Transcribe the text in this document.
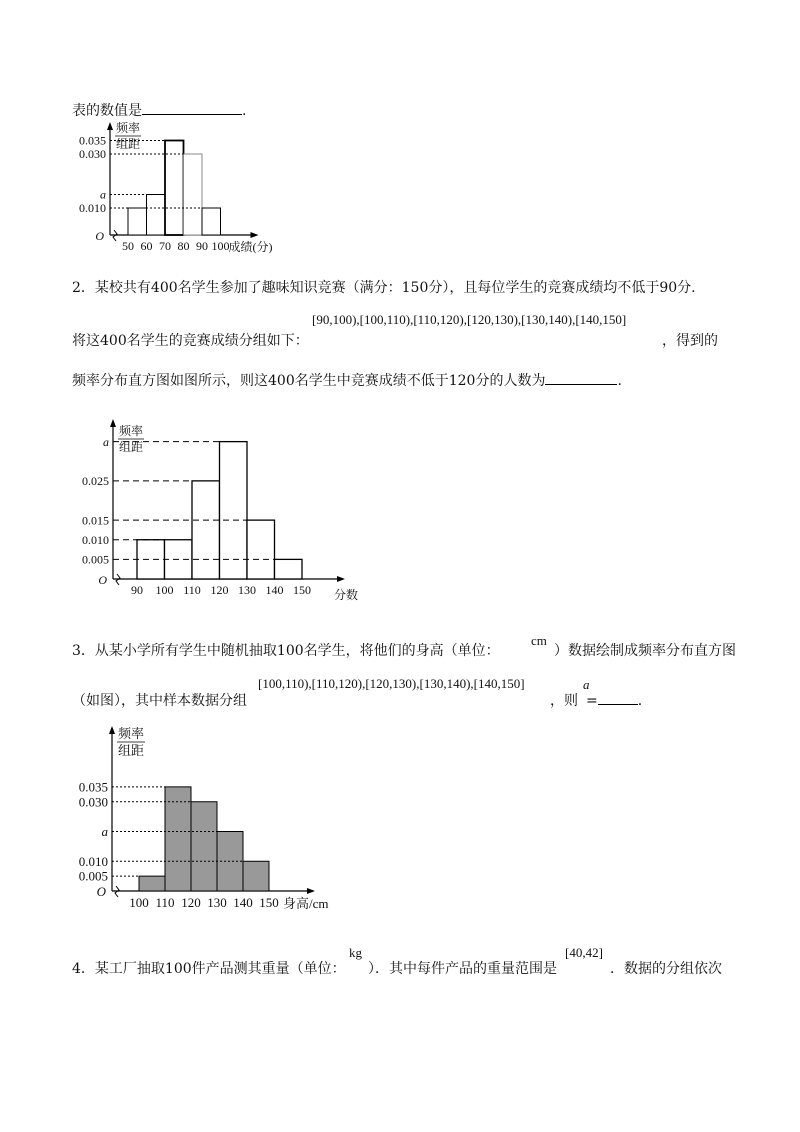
表的数值是	.
频率
组距
0.035
0.030
a
0.010
50 60 70 80 90 100
O
成绩(分)
2．某校共有400名学生参加了趣味知识竞赛（满分：150分），且每位学生的竞赛成绩均不低于90分.
[90,100),[100,110),[110,120),[120,130),[130,140),[140,150]
将这400名学生的竞赛成绩分组如下：	，得到的
频率分布直方图如图所示，则这400名学生中竞赛成绩不低于120分的人数为	.
频率
组距
a
0.025
0.015
0.010
0.005
90 100 110 120 130 140 150
O
分数
3．从某小学所有学生中随机抽取100名学生，将他们的身高（单位：
cm
）数据绘制成频率分布直方图
[100,110),[110,120),[120,130),[130,140),[140,150]
（如图），其中样本数据分组	，则
a
=	.
频率
组距
0.035
0.030
a
0.010
0.005
100 110 120 130 140 150
O
身高/cm
4．某工厂抽取100件产品测其重量（单位：
kg
）．其中每件产品的重量范围是
[40,42]
．数据的分组依次
